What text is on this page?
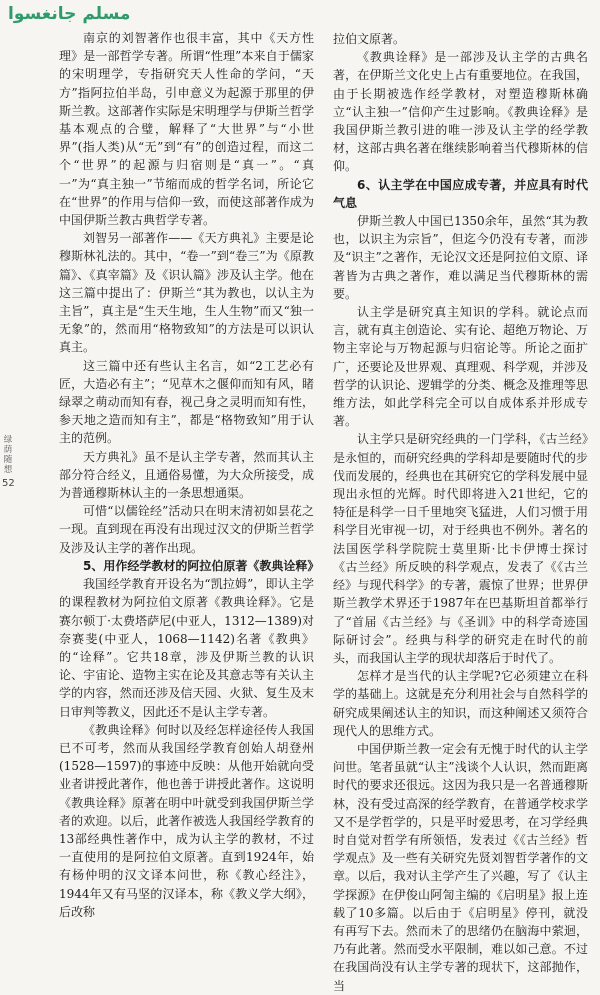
مسلم جانغسوا
绿荫随想
52

南京的刘智著作也很丰富，其中《天方性理》是一部哲学专著。所谓“性理”本来自于儒家的宋明理学，专指研究天人性命的学问，“天方”指阿拉伯半岛，引申意义为起源于那里的伊斯兰教。这部著作实际是宋明理学与伊斯兰哲学基本观点的合璧，解释了“大世界”与“小世界”(指人类)从“无”到“有”的创造过程，而这二个“世界”的起源与归宿则是“真一”。“真一”为“真主独一”节缩而成的哲学名词，所论它在“世界”的作用与信仰一致，而使这部著作成为中国伊斯兰教古典哲学专著。

刘智另一部著作——《天方典礼》主要是论穆斯林礼法的。其中，“卷一”到“卷三”为《原教篇》、《真宰篇》及《识认篇》涉及认主学。他在这三篇中提出了：伊斯兰“其为教也，以认主为主旨”，真主是“生天生地，生人生物”而又“独一无象”的，然而用“格物致知”的方法是可以识认真主。

这三篇中还有些认主名言，如“2工艺必有匠，大造必有主”；“见草木之偃仰而知有风，睹绿翠之萌动而知有春，视己身之灵明而知有性，参天地之造而知有主”，都是“格物致知”用于认主的范例。

天方典礼》虽不是认主学专著，然而其认主部分符合经义，且通俗易懂，为大众所接受，成为普通穆斯林认主的一条思想通渠。

可惜“以儒铨经”活动只在明末清初如昙花之一现。直到现在再没有出现过汉文的伊斯兰哲学及涉及认主学的著作出现。

5、用作经学教材的阿拉伯原著《教典诠释》

我国经学教育开设名为“凯拉姆”，即认主学的课程教材为阿拉伯文原著《教典诠释》。它是赛尔顿丁·太费塔萨尼(中亚人，1312—1389)对奈赛斐(中亚人，1068—1142)名著《教典》的“诠释”。它共18章，涉及伊斯兰教的认识论、宇宙论、造物主实在论及其意志等有关认主学的内容，然而还涉及信天园、火狱、复生及末日审判等教义，因此还不是认主学专著。

《教典诠释》何时以及经怎样途径传人我国已不可考，然而从我国经学教育创始人胡登州(1528—1597)的事迹中反映：从他开始就向受业者讲授此著作，他也善于讲授此著作。这说明《教典诠释》原著在明中叶就受到我国伊斯兰学者的欢迎。以后，此著作被选人我国经学教育的13部经典性著作中，成为认主学的教材，不过一直使用的是阿拉伯文原著。直到1924年，始有杨仲明的汉文译本问世，称《教心经注》，1944年又有马坚的汉译本，称《教义学大纲》，后改称

拉伯文原著。

《教典诠释》是一部涉及认主学的古典名著，在伊斯兰文化史上占有重要地位。在我国，由于长期被选作经学教材，对塑造穆斯林确立“认主独一”信仰产生过影响。《教典诠释》是我国伊斯兰教引进的唯一涉及认主学的经学教材，这部古典名著在继续影响着当代穆斯林的信仰。

6、认主学在中国应成专著，并应具有时代气息

伊斯兰教人中国已1350余年，虽然“其为教也，以识主为宗旨”，但迄今仍没有专著，而涉及“识主”之著作，无论汉文还是阿拉伯文原、译著皆为古典之著作，难以满足当代穆斯林的需要。

认主学是研究真主知识的学科。就论点而言，就有真主创造论、实有论、超绝万物论、万物主宰论与万物起源与归宿论等。所论之面扩广，还要论及世界观、真理观、科学观，并涉及哲学的认识论、逻辑学的分类、概念及推理等思维方法，如此学科完全可以自成体系并形成专著。

认主学只是研究经典的一门学科，《古兰经》是永恒的，而研究经典的学科却是要随时代的步伐而发展的，经典也在其研究它的学科发展中显现出永恒的光辉。时代即将进入21世纪，它的特征是科学一日千里地突飞猛进，人们习惯于用科学目光审视一切，对于经典也不例外。著名的法国医学科学院院士莫里斯·比卡伊博士探讨《古兰经》所反映的科学观点，发表了《《古兰经》与现代科学》的专著，震惊了世界；世界伊斯兰教学术界还于1987年在巴基斯坦首都举行了“首届《古兰经》与《圣训》中的科学奇迹国际研讨会”。经典与科学的研究走在时代的前头，而我国认主学的现状却落后于时代了。

怎样才是当代的认主学呢?它必须建立在科学的基础上。这就是充分利用社会与自然科学的研究成果阐述认主的知识，而这种阐述又须符合现代人的思维方式。

中国伊斯兰教一定会有无愧于时代的认主学问世。笔者虽就“认主”浅谈个人认识，然而距离时代的要求还很远。这因为我只是一名普通穆斯林，没有受过高深的经学教育，在普通学校求学又不是学哲学的，只是平时爱思考，在习学经典时自觉对哲学有所领悟，发表过《《古兰经》哲学观点》及一些有关研究先贤刘智哲学著作的文章。以后，我对认主学产生了兴趣，写了《认主学探源》在伊俊山阿訇主编的《启明星》报上连载了10多篇。以后由于《启明星》停刊，就没有再写下去。然而未了的思绪仍在脑海中萦迴，乃有此著。然而受水平限制，难以如己意。不过在我国尚没有认主学专著的现状下，这部抛作，当
